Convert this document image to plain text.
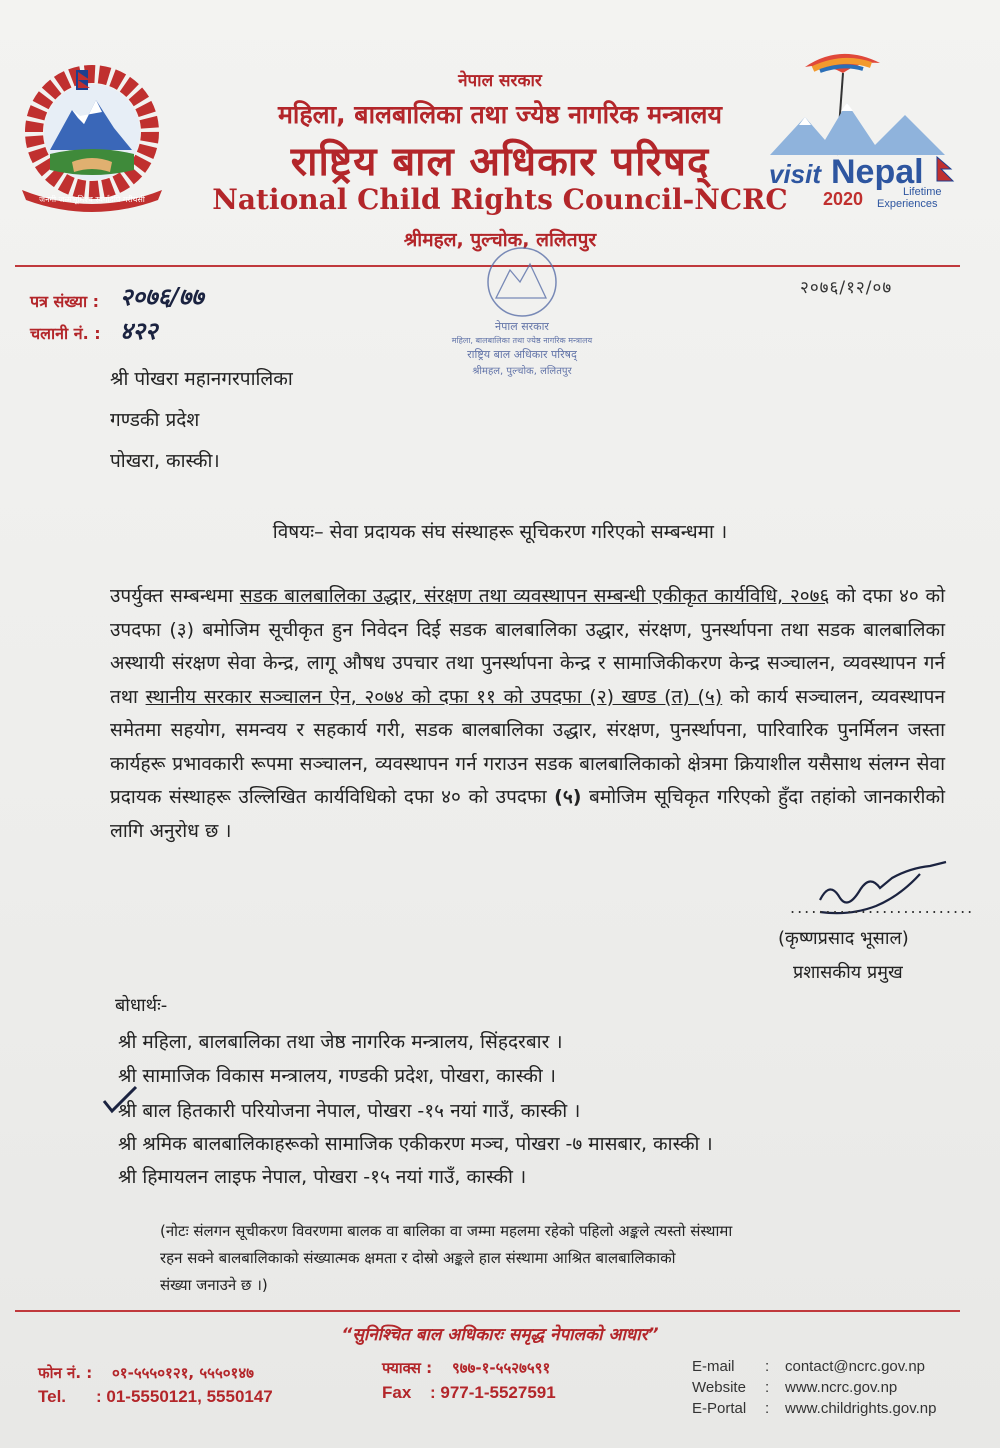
जननी जन्मभूमिश्च स्वर्गादपि गरीयसी
visit Nepal
2020	Lifetime
Experiences
नेपाल सरकार
महिला, बालबालिका तथा ज्येष्ठ नागरिक मन्त्रालय
राष्ट्रिय बाल अधिकार परिषद्
National Child Rights Council-NCRC
श्रीमहल, पुल्चोक, ललितपुर
नेपाल सरकार
महिला, बालबालिका तथा ज्येष्ठ नागरिक मन्त्रालय
राष्ट्रिय बाल अधिकार परिषद्
श्रीमहल, पुल्चोक, ललितपुर
पत्र संख्या : २०७६/७७
चलानी नं. : ४२२
२०७६/१२/०७
श्री पोखरा महानगरपालिका
गण्डकी प्रदेश
पोखरा, कास्की।
विषयः– सेवा प्रदायक संघ संस्थाहरू सूचिकरण गरिएको सम्बन्धमा ।
उपर्युक्त सम्बन्धमा सडक बालबालिका उद्धार, संरक्षण तथा व्यवस्थापन सम्बन्धी एकीकृत कार्यविधि, २०७६ को दफा ४० को उपदफा (३) बमोजिम सूचीकृत हुन निवेदन दिई सडक बालबालिका उद्धार, संरक्षण, पुनर्स्थापना तथा सडक बालबालिका अस्थायी संरक्षण सेवा केन्द्र, लागू औषध उपचार तथा पुनर्स्थापना केन्द्र र सामाजिकीकरण केन्द्र सञ्चालन, व्यवस्थापन गर्न तथा स्थानीय सरकार सञ्चालन ऐन, २०७४ को दफा ११ को उपदफा (२) खण्ड (त) (५) को कार्य सञ्चालन, व्यवस्थापन समेतमा सहयोग, समन्वय र सहकार्य गरी, सडक बालबालिका उद्धार, संरक्षण, पुनर्स्थापना, पारिवारिक पुनर्मिलन जस्ता कार्यहरू प्रभावकारी रूपमा सञ्चालन, व्यवस्थापन गर्न गराउन सडक बालबालिकाको क्षेत्रमा क्रियाशील यसैसाथ संलग्न सेवा प्रदायक संस्थाहरू उल्लिखित कार्यविधिको दफा ४० को उपदफा (५) बमोजिम सूचिकृत गरिएको हुँदा तहांको जानकारीको लागि अनुरोध छ ।
..........................
(कृष्णप्रसाद भूसाल)
प्रशासकीय प्रमुख
बोधार्थः-
श्री महिला, बालबालिका तथा जेष्ठ नागरिक मन्त्रालय, सिंहदरबार ।
श्री सामाजिक विकास मन्त्रालय, गण्डकी प्रदेश, पोखरा, कास्की ।
श्री बाल हितकारी परियोजना नेपाल, पोखरा -१५ नयां गाउँ, कास्की ।
श्री श्रमिक बालबालिकाहरूको सामाजिक एकीकरण मञ्च, पोखरा -७ मासबार, कास्की ।
श्री हिमायलन लाइफ नेपाल, पोखरा -१५ नयां गाउँ, कास्की ।
(नोटः संलगन सूचीकरण विवरणमा बालक वा बालिका वा जम्मा महलमा रहेको पहिलो अङ्कले त्यस्तो संस्थामा
रहन सक्ने बालबालिकाको संख्यात्मक क्षमता र दोस्रो अङ्कले हाल संस्थामा आश्रित बालबालिकाको
संख्या जनाउने छ ।)
“सुनिश्चित बाल अधिकारः समृद्ध नेपालको आधार”
फोन नं. : ०१-५५५०१२१, ५५५०१४७
Tel. : 01-5550121, 5550147
फ्याक्स : ९७७-१-५५२७५९१
Fax : 977-1-5527591
E-mail : contact@ncrc.gov.np
Website : www.ncrc.gov.np
E-Portal : www.childrights.gov.np
